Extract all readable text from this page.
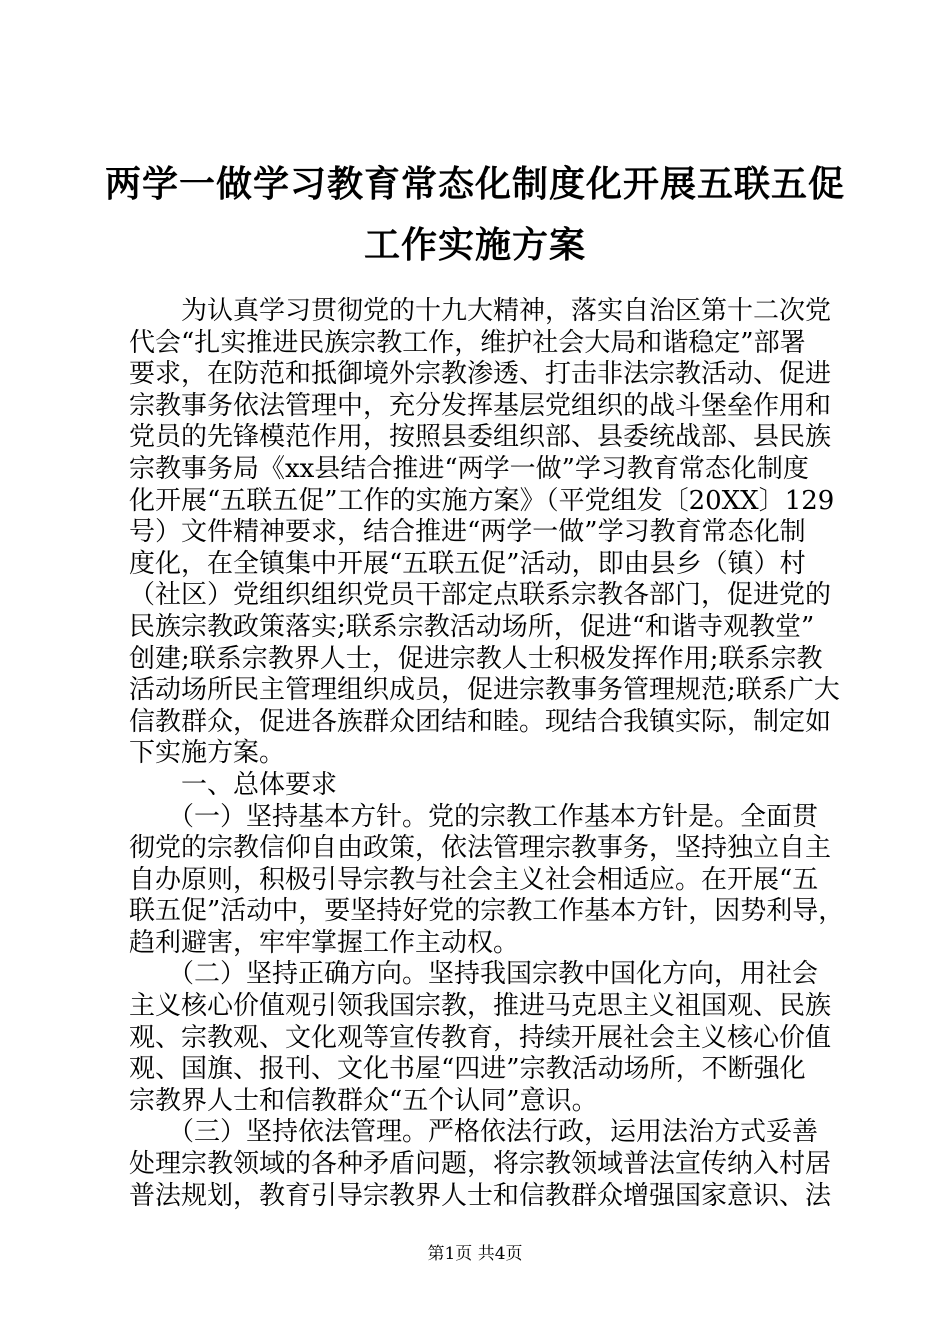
两学一做学习教育常态化制度化开展五联五促
工作实施方案
　　为认真学习贯彻党的十九大精神，落实自治区第十二次党
代会“扎实推进民族宗教工作，维护社会大局和谐稳定”部署
要求，在防范和抵御境外宗教渗透、打击非法宗教活动、促进
宗教事务依法管理中，充分发挥基层党组织的战斗堡垒作用和
党员的先锋模范作用，按照县委组织部、县委统战部、县民族
宗教事务局《xx县结合推进“两学一做”学习教育常态化制度
化开展“五联五促”工作的实施方案》（平党组发〔20XX〕129
号）文件精神要求，结合推进“两学一做”学习教育常态化制
度化，在全镇集中开展“五联五促”活动，即由县乡（镇）村
（社区）党组织组织党员干部定点联系宗教各部门，促进党的
民族宗教政策落实;联系宗教活动场所，促进“和谐寺观教堂”
创建;联系宗教界人士，促进宗教人士积极发挥作用;联系宗教
活动场所民主管理组织成员，促进宗教事务管理规范;联系广大
信教群众，促进各族群众团结和睦。现结合我镇实际，制定如
下实施方案。
　　一、总体要求
　　（一）坚持基本方针。党的宗教工作基本方针是。全面贯
彻党的宗教信仰自由政策，依法管理宗教事务，坚持独立自主
自办原则，积极引导宗教与社会主义社会相适应。在开展“五
联五促”活动中，要坚持好党的宗教工作基本方针，因势利导，
趋利避害，牢牢掌握工作主动权。
　　（二）坚持正确方向。坚持我国宗教中国化方向，用社会
主义核心价值观引领我国宗教，推进马克思主义祖国观、民族
观、宗教观、文化观等宣传教育，持续开展社会主义核心价值
观、国旗、报刊、文化书屋“四进”宗教活动场所，不断强化
宗教界人士和信教群众“五个认同”意识。
　　（三）坚持依法管理。严格依法行政，运用法治方式妥善
处理宗教领域的各种矛盾问题，将宗教领域普法宣传纳入村居
普法规划，教育引导宗教界人士和信教群众增强国家意识、法
第1页 共4页
